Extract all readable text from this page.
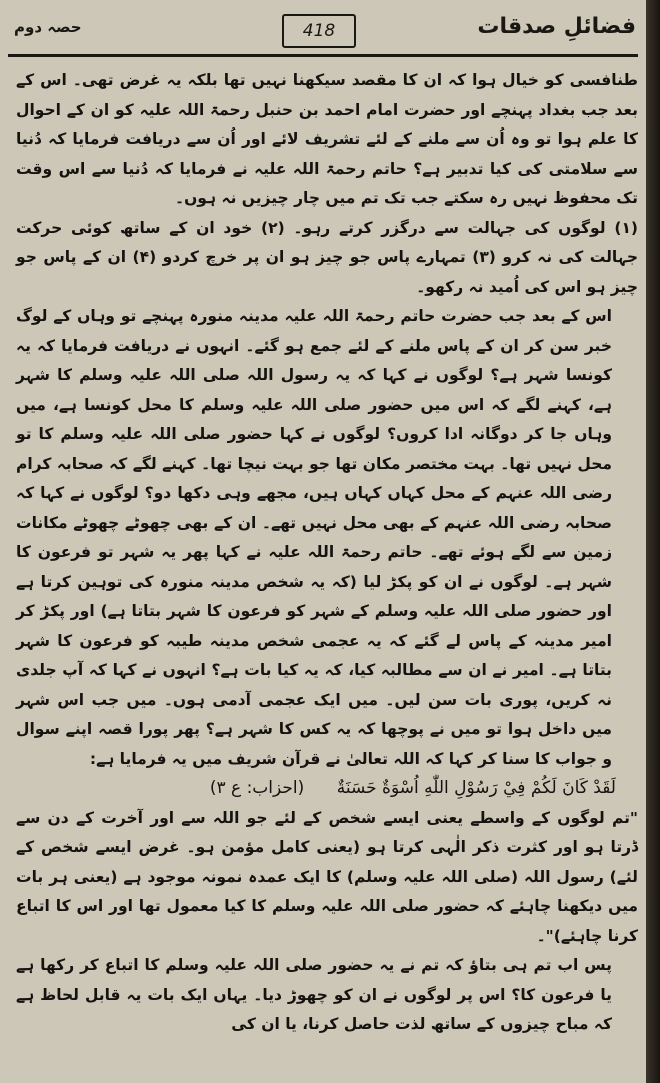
حصہ دوم	418	فضائلِ صدقات

طنافسی کو خیال ہوا کہ ان کا مقصد سیکھنا نہیں تھا بلکہ یہ غرض تھی۔ اس کے بعد جب بغداد پہنچے اور حضرت امام احمد بن حنبل رحمۃ اللہ علیہ کو ان کے احوال کا علم ہوا تو وہ اُن سے ملنے کے لئے تشریف لائے اور اُن سے دریافت فرمایا کہ دُنیا سے سلامتی کی کیا تدبیر ہے؟ حاتم رحمۃ اللہ علیہ نے فرمایا کہ دُنیا سے اس وقت تک محفوظ نہیں رہ سکتے جب تک تم میں چار چیزیں نہ ہوں۔

(۱) لوگوں کی جہالت سے درگزر کرتے رہو۔ (۲) خود ان کے ساتھ کوئی حرکت جہالت کی نہ کرو (۳) تمہارے پاس جو چیز ہو ان پر خرچ کردو (۴) ان کے پاس جو چیز ہو اس کی اُمید نہ رکھو۔

اس کے بعد جب حضرت حاتم رحمۃ اللہ علیہ مدینہ منورہ پہنچے تو وہاں کے لوگ خبر سن کر ان کے پاس ملنے کے لئے جمع ہو گئے۔ انہوں نے دریافت فرمایا کہ یہ کونسا شہر ہے؟ لوگوں نے کہا کہ یہ رسول اللہ صلی اللہ علیہ وسلم کا شہر ہے، کہنے لگے کہ اس میں حضور صلی اللہ علیہ وسلم کا محل کونسا ہے، میں وہاں جا کر دوگانہ ادا کروں؟ لوگوں نے کہا حضور صلی اللہ علیہ وسلم کا تو محل نہیں تھا۔ بہت مختصر مکان تھا جو بہت نیچا تھا۔ کہنے لگے کہ صحابہ کرام رضی اللہ عنہم کے محل کہاں کہاں ہیں، مجھے وہی دکھا دو؟ لوگوں نے کہا کہ صحابہ رضی اللہ عنہم کے بھی محل نہیں تھے۔ ان کے بھی چھوٹے چھوٹے مکانات زمین سے لگے ہوئے تھے۔ حاتم رحمۃ اللہ علیہ نے کہا پھر یہ شہر تو فرعون کا شہر ہے۔ لوگوں نے ان کو پکڑ لیا (کہ یہ شخص مدینہ منورہ کی توہین کرتا ہے اور حضور صلی اللہ علیہ وسلم کے شہر کو فرعون کا شہر بتاتا ہے) اور پکڑ کر امیر مدینہ کے پاس لے گئے کہ یہ عجمی شخص مدینہ طیبہ کو فرعون کا شہر بتاتا ہے۔ امیر نے ان سے مطالبہ کیا، کہ یہ کیا بات ہے؟ انہوں نے کہا کہ آپ جلدی نہ کریں، پوری بات سن لیں۔ میں ایک عجمی آدمی ہوں۔ میں جب اس شہر میں داخل ہوا تو میں نے پوچھا کہ یہ کس کا شہر ہے؟ پھر پورا قصہ اپنے سوال و جواب کا سنا کر کہا کہ اللہ تعالیٰ نے قرآن شریف میں یہ فرمایا ہے:

لَقَدْ كَانَ لَكُمْ فِيْ رَسُوْلِ اللّٰهِ اُسْوَةٌ حَسَنَةٌ      (احزاب: ع ۳)

"تم لوگوں کے واسطے یعنی ایسے شخص کے لئے جو اللہ سے اور آخرت کے دن سے ڈرتا ہو اور کثرت ذکر الٰہی کرتا ہو (یعنی کامل مؤمن ہو۔ غرض ایسے شخص کے لئے) رسول اللہ (صلی اللہ علیہ وسلم) کا ایک عمدہ نمونہ موجود ہے (یعنی ہر بات میں دیکھنا چاہئے کہ حضور صلی اللہ علیہ وسلم کا کیا معمول تھا اور اس کا اتباع کرنا چاہئے)"۔

پس اب تم ہی بتاؤ کہ تم نے یہ حضور صلی اللہ علیہ وسلم کا اتباع کر رکھا ہے یا فرعون کا؟ اس پر لوگوں نے ان کو چھوڑ دیا۔ یہاں ایک بات یہ قابل لحاظ ہے کہ مباح چیزوں کے ساتھ لذت حاصل کرنا، یا ان کی
